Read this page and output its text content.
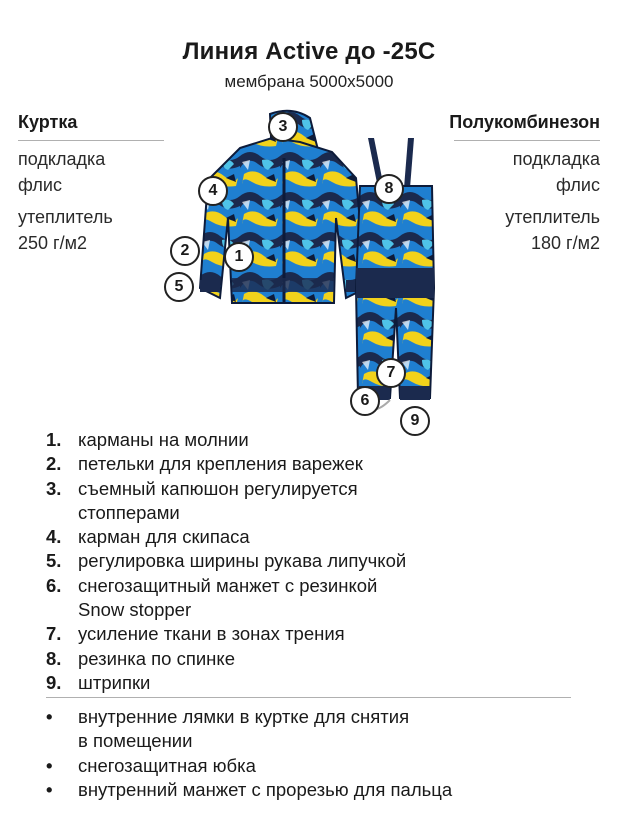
Линия Active до -25С
мембрана 5000х5000
Куртка
подкладка
флис
утеплитель
250 г/м2
Полукомбинезон
подкладка
флис
утеплитель
180 г/м2
3
4
2	1
5
8
7
6
9
1. карманы на молнии
2. петельки для крепления варежек
3. съемный капюшон регулируется
стопперами
4. карман для скипаса
5. регулировка ширины рукава липучкой
6. снегозащитный манжет с резинкой
Snow stopper
7. усиление ткани в зонах трения
8. резинка по спинке
9. штрипки
• внутренние лямки в куртке для снятия
в помещении
• снегозащитная юбка
• внутренний манжет с прорезью для пальца
